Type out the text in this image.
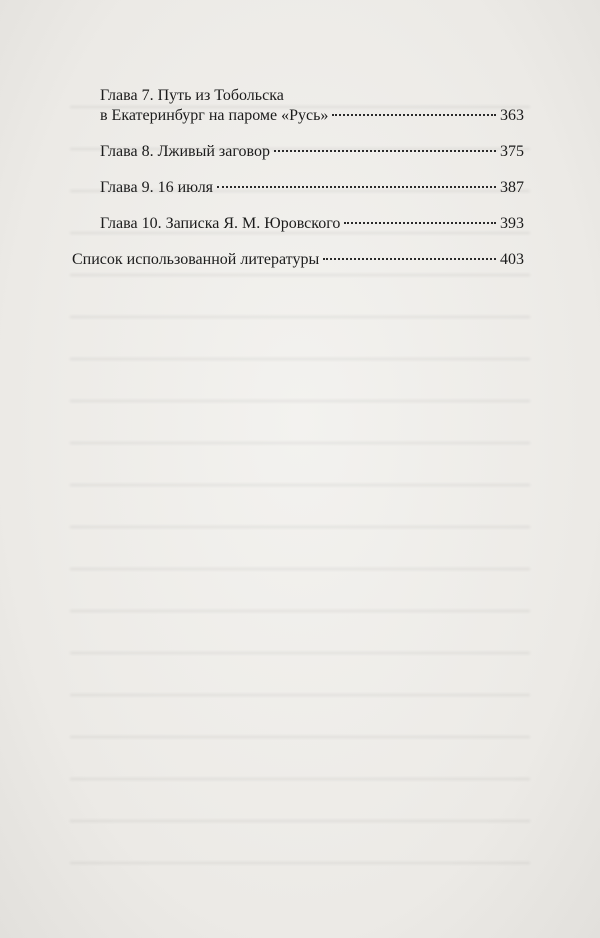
Глава 7. Путь из Тобольска
в Екатеринбург на пароме «Русь»	363
Глава 8. Лживый заговор	375
Глава 9. 16 июля	387
Глава 10. Записка Я. М. Юровского	393
Список использованной литературы	403
